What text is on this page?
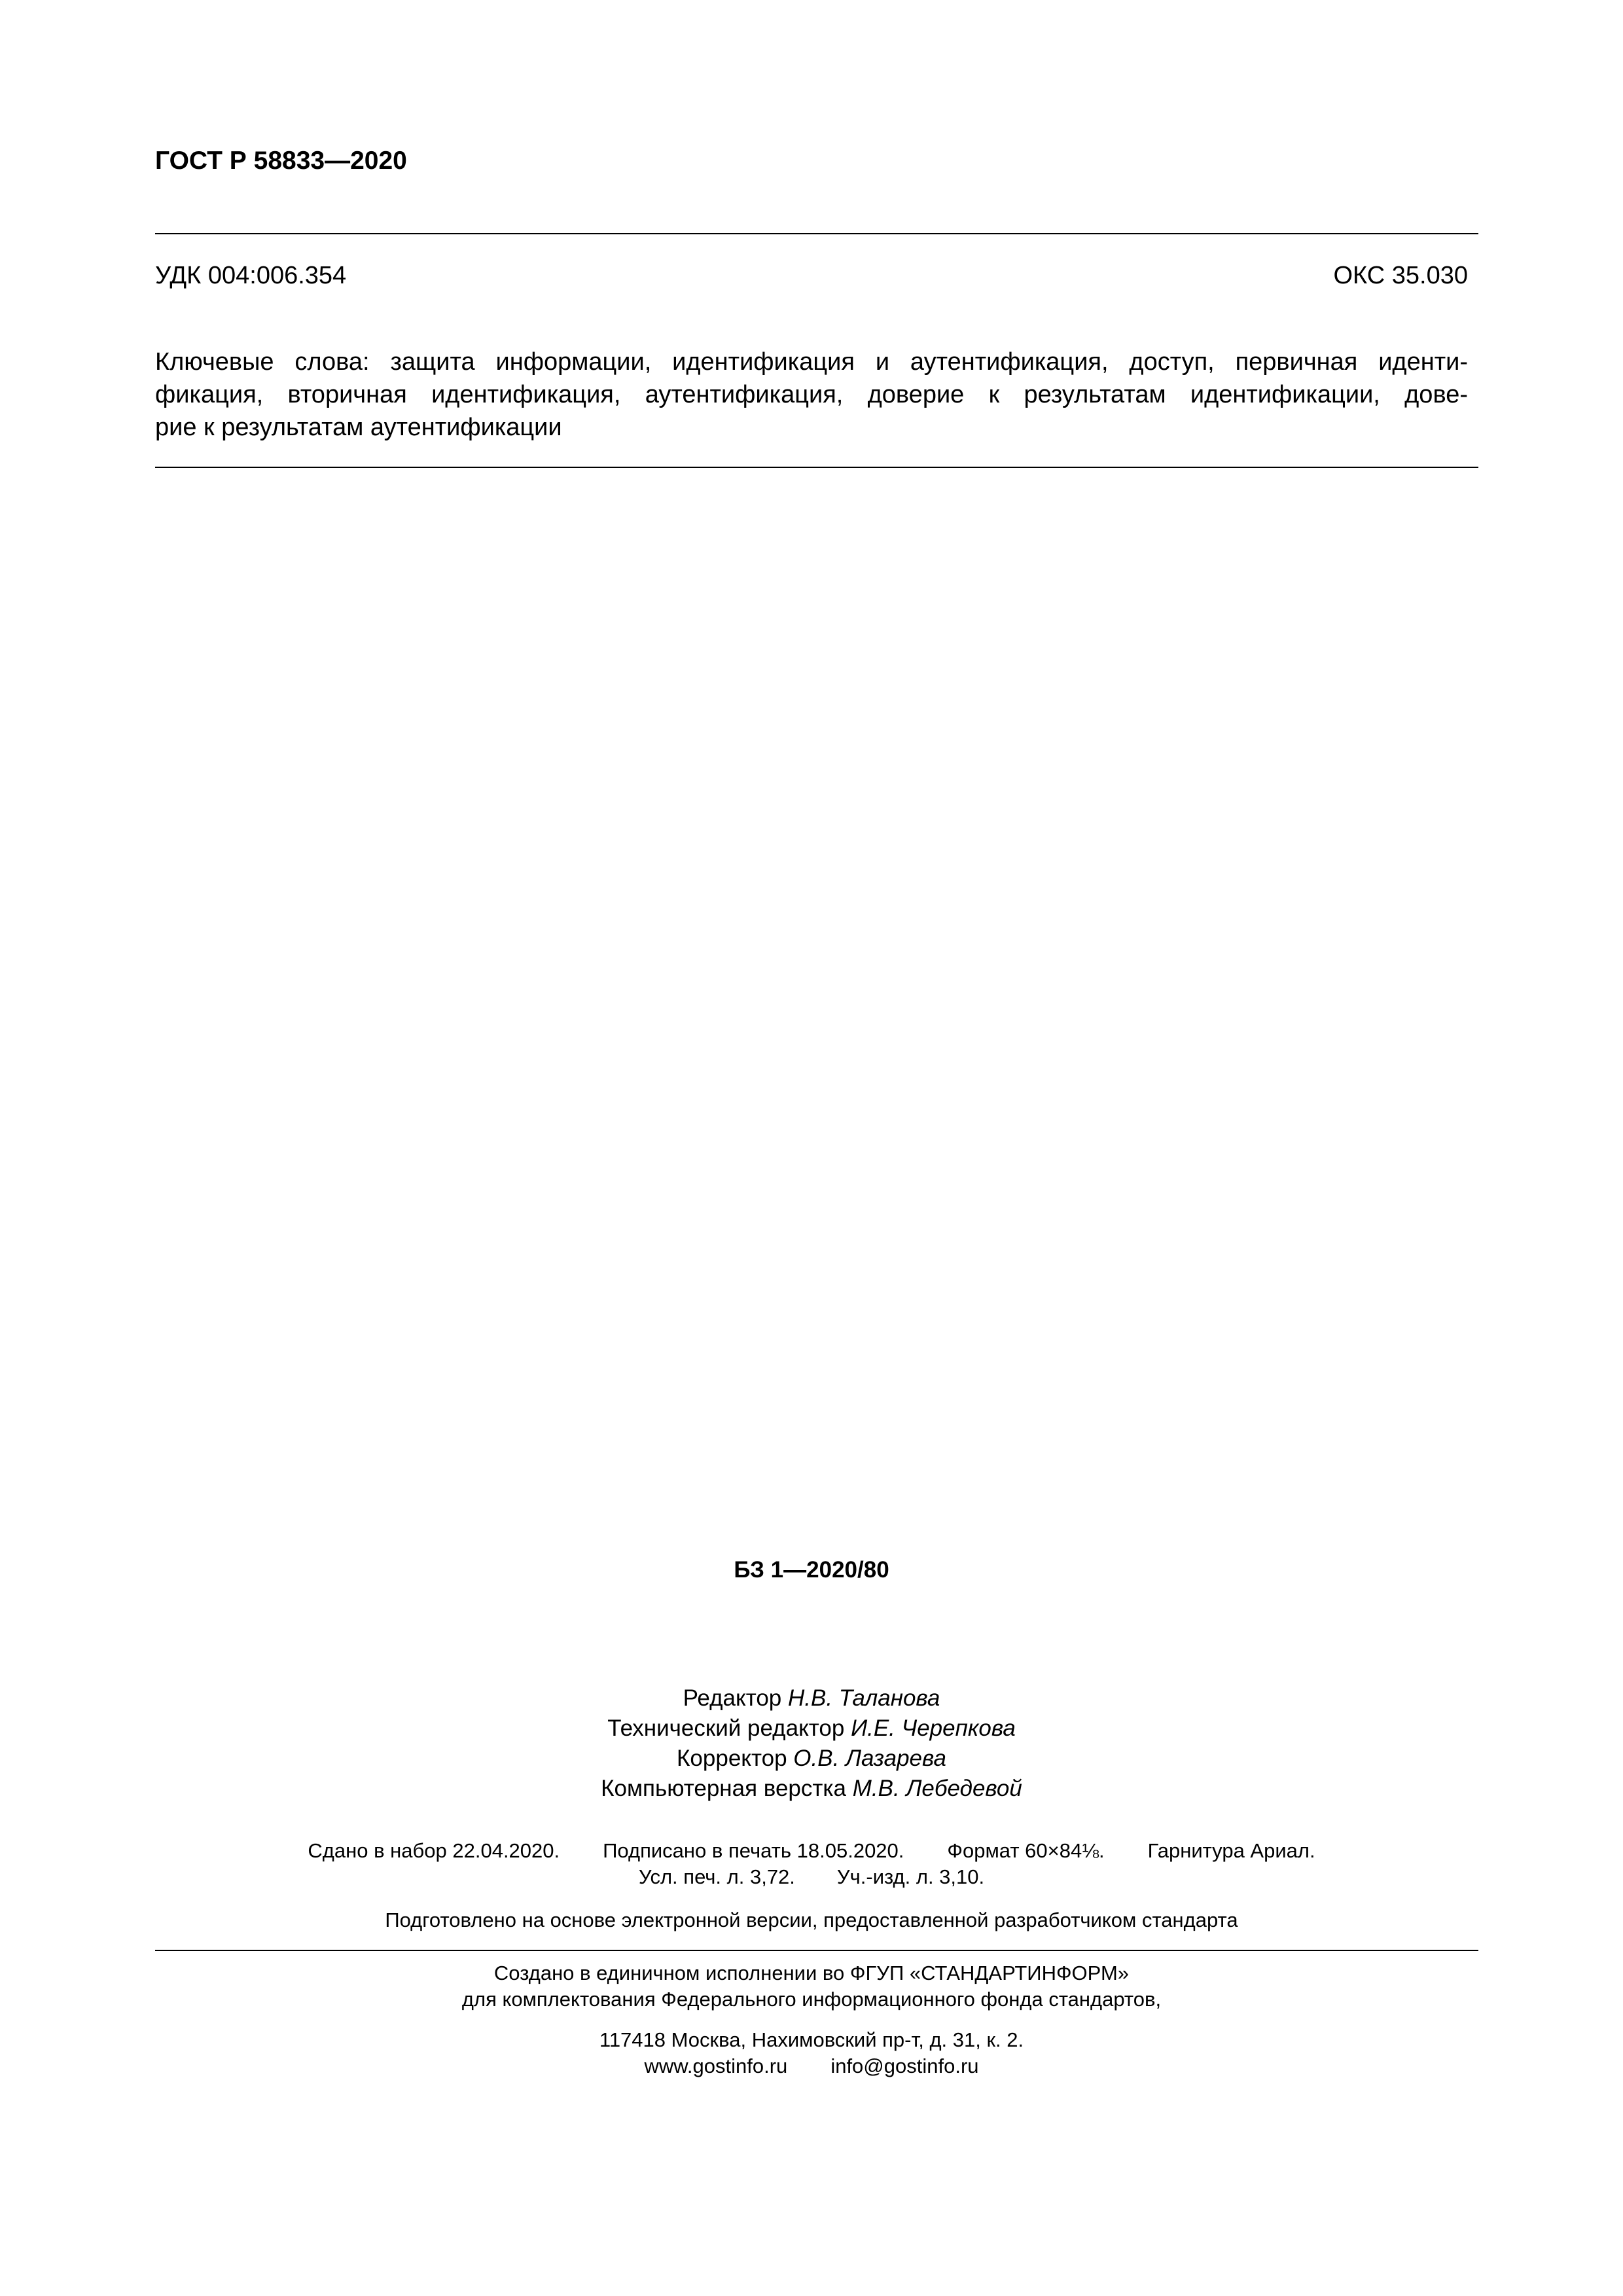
ГОСТ Р 58833—2020
УДК 004:006.354	ОКС 35.030
Ключевые слова: защита информации, идентификация и аутентификация, доступ, первичная иденти-
фикация, вторичная идентификация, аутентификация, доверие к результатам идентификации, дове-
рие к результатам аутентификации
БЗ 1—2020/80
Редактор Н.В. Таланова
Технический редактор И.Е. Черепкова
Корректор О.В. Лазарева
Компьютерная верстка М.В. Лебедевой
Сдано в набор 22.04.2020. Подписано в печать 18.05.2020. Формат 60×84⅛. Гарнитура Ариал.
Усл. печ. л. 3,72. Уч.-изд. л. 3,10.
Подготовлено на основе электронной версии, предоставленной разработчиком стандарта
Создано в единичном исполнении во ФГУП «СТАНДАРТИНФОРМ»
для комплектования Федерального информационного фонда стандартов,
117418 Москва, Нахимовский пр-т, д. 31, к. 2.
www.gostinfo.ru info@gostinfo.ru
